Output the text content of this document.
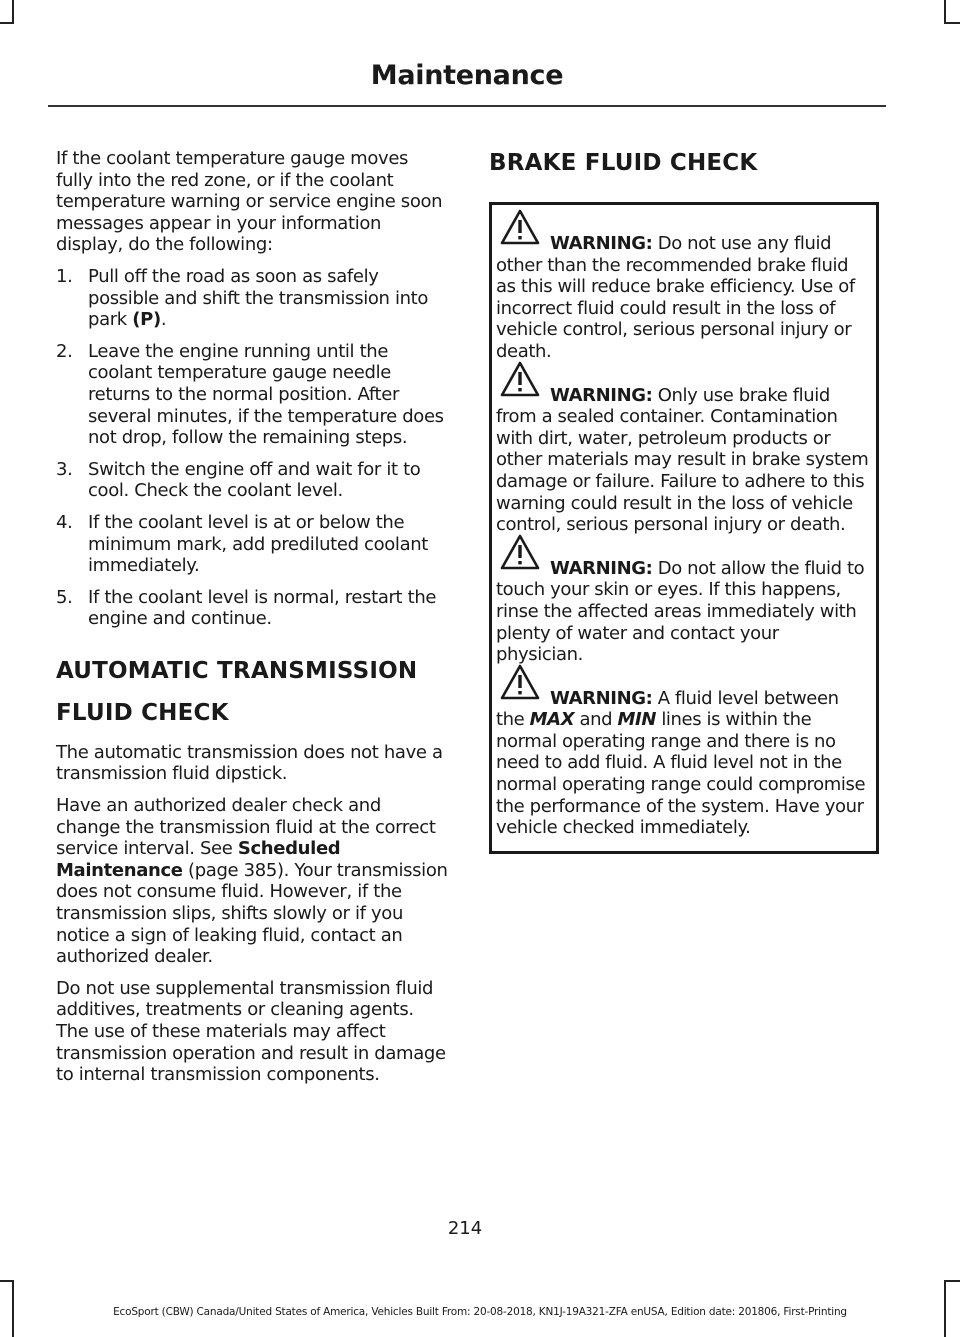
Maintenance

If the coolant temperature gauge moves fully into the red zone, or if the coolant temperature warning or service engine soon messages appear in your information display, do the following:

1. Pull off the road as soon as safely possible and shift the transmission into park (P).
2. Leave the engine running until the coolant temperature gauge needle returns to the normal position. After several minutes, if the temperature does not drop, follow the remaining steps.
3. Switch the engine off and wait for it to cool. Check the coolant level.
4. If the coolant level is at or below the minimum mark, add prediluted coolant immediately.
5. If the coolant level is normal, restart the engine and continue.
AUTOMATIC TRANSMISSION
FLUID CHECK

The automatic transmission does not have a transmission fluid dipstick.

Have an authorized dealer check and change the transmission fluid at the correct service interval. See Scheduled Maintenance (page 385). Your transmission does not consume fluid. However, if the transmission slips, shifts slowly or if you notice a sign of leaking fluid, contact an authorized dealer.

Do not use supplemental transmission fluid additives, treatments or cleaning agents. The use of these materials may affect transmission operation and result in damage to internal transmission components.

BRAKE FLUID CHECK
WARNING: Do not use any fluid other than the recommended brake fluid as this will reduce brake efficiency. Use of incorrect fluid could result in the loss of vehicle control, serious personal injury or death.
WARNING: Only use brake fluid from a sealed container. Contamination with dirt, water, petroleum products or other materials may result in brake system damage or failure. Failure to adhere to this warning could result in the loss of vehicle control, serious personal injury or death.
WARNING: Do not allow the fluid to touch your skin or eyes. If this happens, rinse the affected areas immediately with plenty of water and contact your physician.
WARNING: A fluid level between the MAX and MIN lines is within the normal operating range and there is no need to add fluid. A fluid level not in the normal operating range could compromise the performance of the system. Have your vehicle checked immediately.
214
EcoSport (CBW) Canada/United States of America, Vehicles Built From: 20-08-2018, KN1J-19A321-ZFA enUSA, Edition date: 201806, First-Printing
